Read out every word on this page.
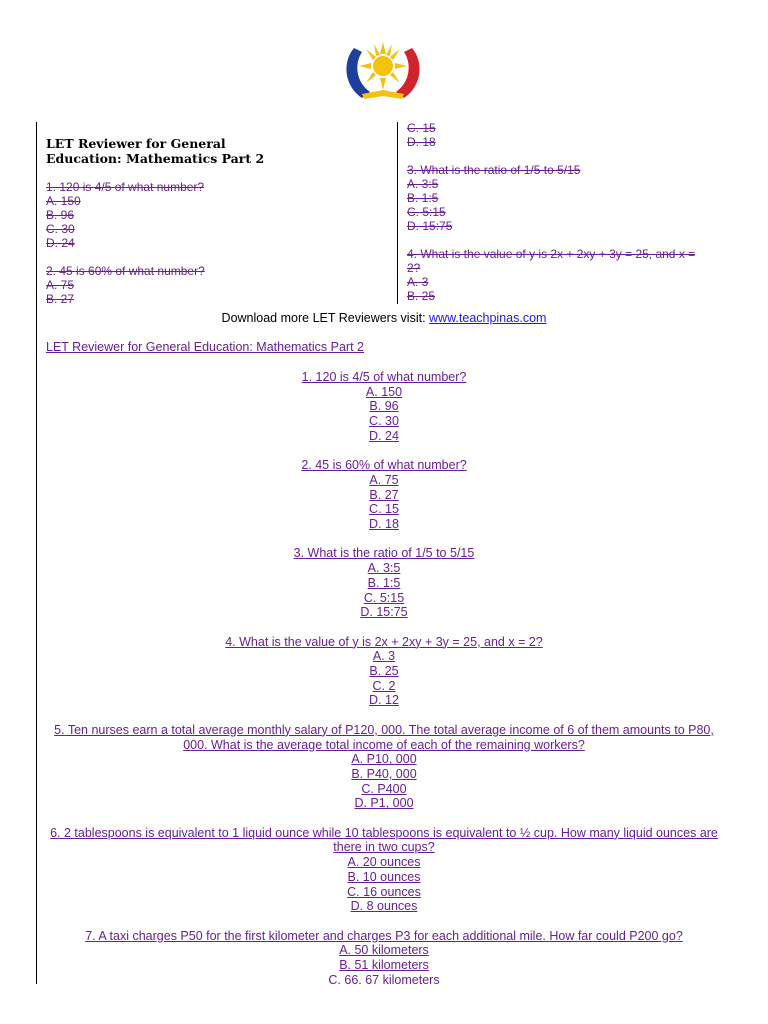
LET Reviewer for General
Education: Mathematics Part 2
1. 120 is 4/5 of what number?
A. 150
B. 96
C. 30
D. 24
2. 45 is 60% of what number?
A. 75
B. 27
C. 15
D. 18
3. What is the ratio of 1/5 to 5/15
A. 3:5
B. 1:5
C. 5:15
D. 15:75
4. What is the value of y is 2x + 2xy + 3y = 25, and x =
2?
A. 3
B. 25
Download more LET Reviewers visit: www.teachpinas.com
LET Reviewer for General Education: Mathematics Part 2
1. 120 is 4/5 of what number?
A. 150
B. 96
C. 30
D. 24
2. 45 is 60% of what number?
A. 75
B. 27
C. 15
D. 18
3. What is the ratio of 1/5 to 5/15
A. 3:5
B. 1:5
C. 5:15
D. 15:75
4. What is the value of y is 2x + 2xy + 3y = 25, and x = 2?
A. 3
B. 25
C. 2
D. 12
5. Ten nurses earn a total average monthly salary of P120, 000. The total average income of 6 of them amounts to P80,
000. What is the average total income of each of the remaining workers?
A. P10, 000
B. P40, 000
C. P400
D. P1, 000
6. 2 tablespoons is equivalent to 1 liquid ounce while 10 tablespoons is equivalent to ½ cup. How many liquid ounces are
there in two cups?
A. 20 ounces
B. 10 ounces
C. 16 ounces
D. 8 ounces
7. A taxi charges P50 for the first kilometer and charges P3 for each additional mile. How far could P200 go?
A. 50 kilometers
B. 51 kilometers
C. 66. 67 kilometers
